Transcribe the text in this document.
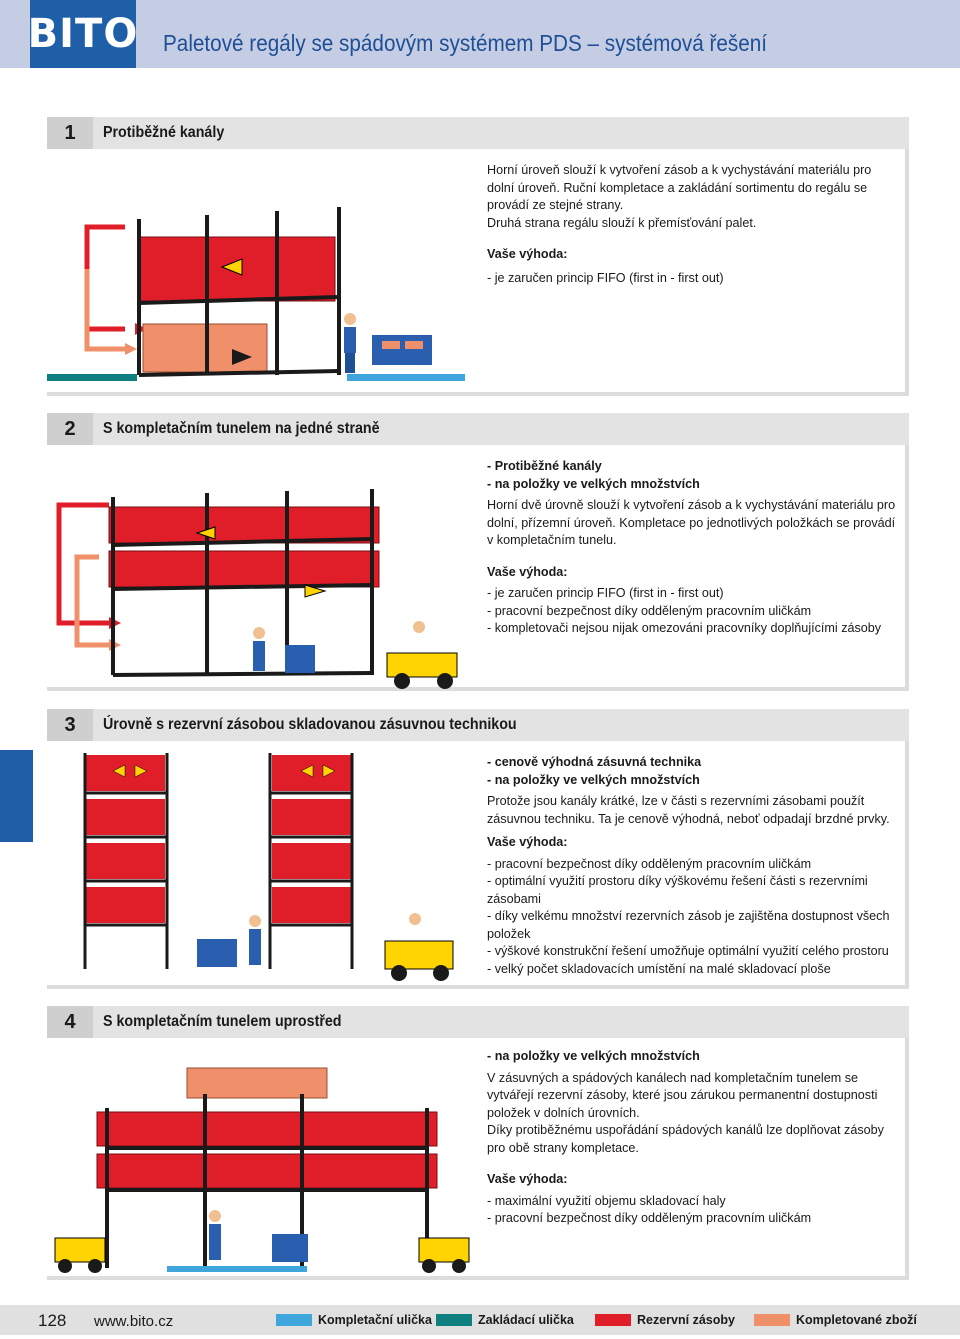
BITO Paletové regály se spádovým systémem PDS – systémová řešení
1	Protiběžné kanály

Horní úroveň slouží k vytvoření zásob a k vychystávání materiálu pro dolní úroveň. Ruční kompletace a zakládání sortimentu do regálu se provádí ze stejné strany.

Druhá strana regálu slouží k přemísťování palet.

Vaše výhoda:

- je zaručen princip FIFO (first in - first out)

2	S kompletačním tunelem na jedné straně

- Protiběžné kanály

- na položky ve velkých množstvích

Horní dvě úrovně slouží k vytvoření zásob a k vychystávání materiálu pro dolní, přízemní úroveň. Kompletace po jednotlivých položkách se provádí v kompletačním tunelu.

Vaše výhoda:

- je zaručen princip FIFO (first in - first out)

- pracovní bezpečnost díky odděleným pracovním uličkám

- kompletovači nejsou nijak omezováni pracovníky doplňujícími zásoby

3	Úrovně s rezervní zásobou skladovanou zásuvnou technikou

- cenově výhodná zásuvná technika

- na položky ve velkých množstvích

Protože jsou kanály krátké, lze v části s rezervními zásobami použít zásuvnou techniku. Ta je cenově výhodná, neboť odpadají brzdné prvky.

Vaše výhoda:

- pracovní bezpečnost díky odděleným pracovním uličkám

- optimální využití prostoru díky výškovému řešení části s rezervními zásobami

- díky velkému množství rezervních zásob je zajištěna dostupnost všech položek

- výškové konstrukční řešení umožňuje optimální využití celého prostoru

- velký počet skladovacích umístění na malé skladovací ploše

4	S kompletačním tunelem uprostřed

- na položky ve velkých množstvích

V zásuvných a spádových kanálech nad kompletačním tunelem se vytvářejí rezervní zásoby, které jsou zárukou permanentní dostupnosti položek v dolních úrovních.

Díky protiběžnému uspořádání spádových kanálů lze doplňovat zásoby pro obě strany kompletace.

Vaše výhoda:

- maximální využití objemu skladovací haly

- pracovní bezpečnost díky odděleným pracovním uličkám

128 www.bito.cz	Kompletační ulička	Zakládací ulička	Rezervní zásoby	Kompletované zboží
